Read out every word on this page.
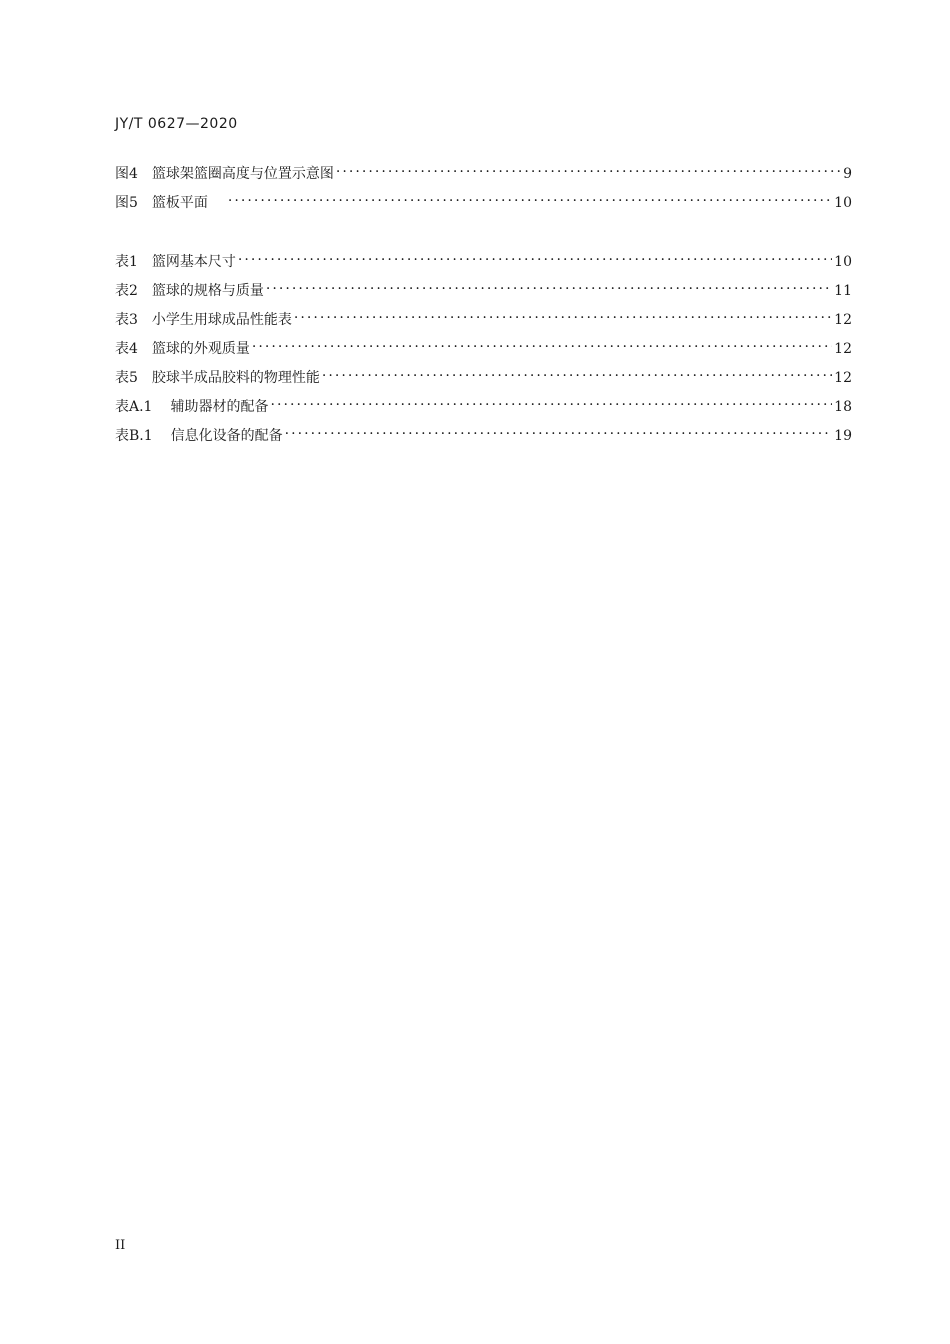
JY/T 0627—2020
图4 篮球架篮圈高度与位置示意图 . . .	9
图5 篮板平面 . . .	10
表1 篮网基本尺寸 . . .	10
表2 篮球的规格与质量 . . .	11
表3 小学生用球成品性能表 . . .	12
表4 篮球的外观质量 . . .	12
表5 胶球半成品胶料的物理性能 . . .	12
表A.1 辅助器材的配备 . . .	18
表B.1 信息化设备的配备 . . .	19
II
